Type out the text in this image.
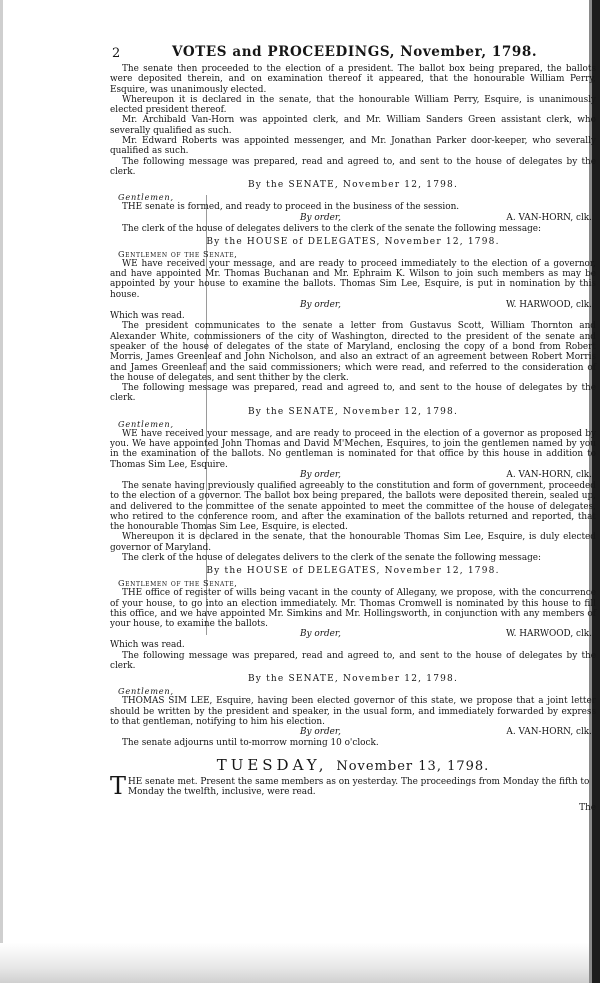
2	VOTES and PROCEEDINGS, November, 1798.

The senate then proceeded to the election of a president. The ballot box being prepared, the ballots were deposited therein, and on examination thereof it appeared, that the honourable William Perry, Esquire, was unanimously elected.

Whereupon it is declared in the senate, that the honourable William Perry, Esquire, is unanimously elected president thereof.

Mr. Archibald Van-Horn was appointed clerk, and Mr. William Sanders Green assistant clerk, who severally qualified as such.

Mr. Edward Roberts was appointed messenger, and Mr. Jonathan Parker door-keeper, who severally qualified as such.

The following message was prepared, read and agreed to, and sent to the house of delegates by the clerk.

By the SENATE, November 12, 1798.
Gentlemen,

THE senate is formed, and ready to proceed in the business of the session.

By order,	A. VAN-HORN, clk.

The clerk of the house of delegates delivers to the clerk of the senate the following message:

By the HOUSE of DELEGATES, November 12, 1798.
Gentlemen of the Senate,

WE have received your message, and are ready to proceed immediately to the election of a governor, and have appointed Mr. Thomas Buchanan and Mr. Ephraim K. Wilson to join such members as may be appointed by your house to examine the ballots. Thomas Sim Lee, Esquire, is put in nomination by this house.

By order,	W. HARWOOD, clk.

Which was read.

The president communicates to the senate a letter from Gustavus Scott, William Thornton and Alexander White, commissioners of the city of Washington, directed to the president of the senate and speaker of the house of delegates of the state of Maryland, enclosing the copy of a bond from Robert Morris, James Greenleaf and John Nicholson, and also an extract of an agreement between Robert Morris and James Greenleaf and the said commissioners; which were read, and referred to the consideration of the house of delegates, and sent thither by the clerk.

The following message was prepared, read and agreed to, and sent to the house of delegates by the clerk.

By the SENATE, November 12, 1798.
Gentlemen,

WE have received your message, and are ready to proceed in the election of a governor as proposed by you. We have appointed John Thomas and David M'Mechen, Esquires, to join the gentlemen named by you in the examination of the ballots. No gentleman is nominated for that office by this house in addition to Thomas Sim Lee, Esquire.

By order,	A. VAN-HORN, clk.

The senate having previously qualified agreeably to the constitution and form of government, proceeded to the election of a governor. The ballot box being prepared, the ballots were deposited therein, sealed up, and delivered to the committee of the senate appointed to meet the committee of the house of delegates, who retired to the conference room, and after the examination of the ballots returned and reported, that the honourable Thomas Sim Lee, Esquire, is elected.

Whereupon it is declared in the senate, that the honourable Thomas Sim Lee, Esquire, is duly elected governor of Maryland.

The clerk of the house of delegates delivers to the clerk of the senate the following message:

By the HOUSE of DELEGATES, November 12, 1798.
Gentlemen of the Senate,

THE office of register of wills being vacant in the county of Allegany, we propose, with the concurrence of your house, to go into an election immediately. Mr. Thomas Cromwell is nominated by this house to fill this office, and we have appointed Mr. Simkins and Mr. Hollingsworth, in conjunction with any members of your house, to examine the ballots.

By order,	W. HARWOOD, clk.

Which was read.

The following message was prepared, read and agreed to, and sent to the house of delegates by the clerk.

By the SENATE, November 12, 1798.
Gentlemen,

THOMAS SIM LEE, Esquire, having been elected governor of this state, we propose that a joint letter should be written by the president and speaker, in the usual form, and immediately forwarded by express to that gentleman, notifying to him his election.

By order,	A. VAN-HORN, clk.

The senate adjourns until to-morrow morning 10 o'clock.

TUESDAY, November 13, 1798.
T HE senate met. Present the same members as on yesterday. The proceedings from Monday the fifth to Monday the twelfth, inclusive, were read.
The
